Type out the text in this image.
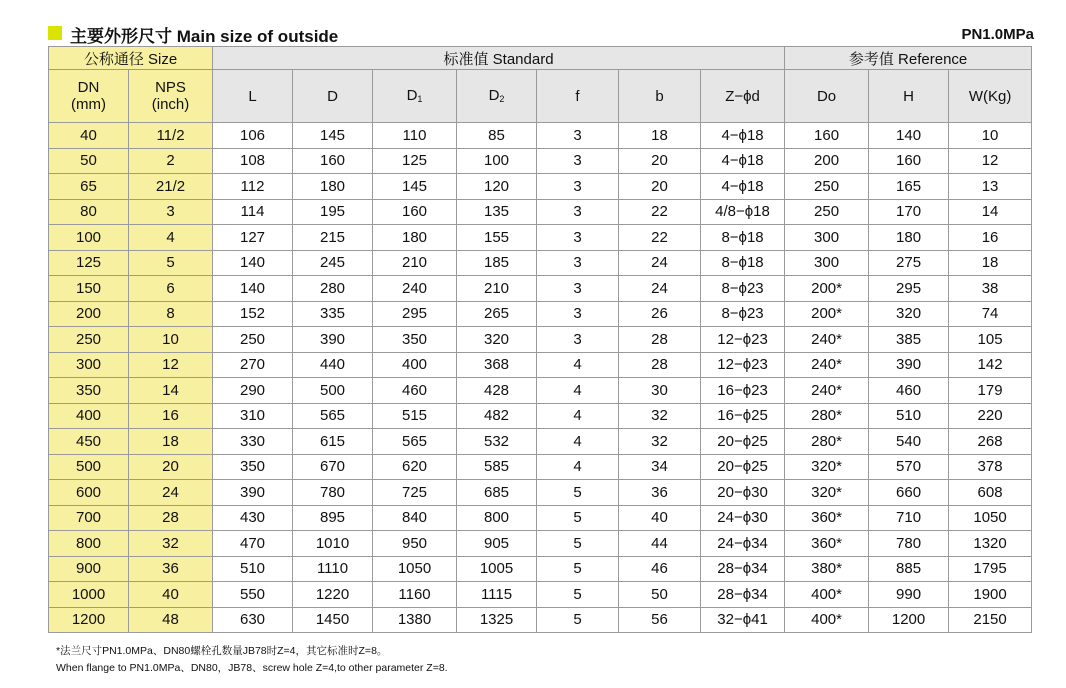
主要外形尺寸 Main size of outside	PN1.0MPa
公称通径 Size		标准值 Standard							参考值 Reference		
DN
(mm)	NPS
(inch)	L	D	$D_1$	$D_2$	f	b	Z−ϕd	Do	H	W(Kg)
40	11/2	106	145	110	85	3	18	4−ϕ18	160	140	10
50	2	108	160	125	100	3	20	4−ϕ18	200	160	12
65	21/2	112	180	145	120	3	20	4−ϕ18	250	165	13
80	3	114	195	160	135	3	22	4/8−ϕ18	250	170	14
100	4	127	215	180	155	3	22	8−ϕ18	300	180	16
125	5	140	245	210	185	3	24	8−ϕ18	300	275	18
150	6	140	280	240	210	3	24	8−ϕ23	200*	295	38
200	8	152	335	295	265	3	26	8−ϕ23	200*	320	74
250	10	250	390	350	320	3	28	12−ϕ23	240*	385	105
300	12	270	440	400	368	4	28	12−ϕ23	240*	390	142
350	14	290	500	460	428	4	30	16−ϕ23	240*	460	179
400	16	310	565	515	482	4	32	16−ϕ25	280*	510	220
450	18	330	615	565	532	4	32	20−ϕ25	280*	540	268
500	20	350	670	620	585	4	34	20−ϕ25	320*	570	378
600	24	390	780	725	685	5	36	20−ϕ30	320*	660	608
700	28	430	895	840	800	5	40	24−ϕ30	360*	710	1050
800	32	470	1010	950	905	5	44	24−ϕ34	360*	780	1320
900	36	510	1110	1050	1005	5	46	28−ϕ34	380*	885	1795
1000	40	550	1220	1160	1115	5	50	28−ϕ34	400*	990	1900
1200	48	630	1450	1380	1325	5	56	32−ϕ41	400*	1200	2150
*法兰尺寸PN1.0MPa、DN80螺栓孔数量JB78时Z=4，其它标准时Z=8。
When flange to PN1.0MPa、DN80，JB78、screw hole Z=4,to other parameter Z=8.
